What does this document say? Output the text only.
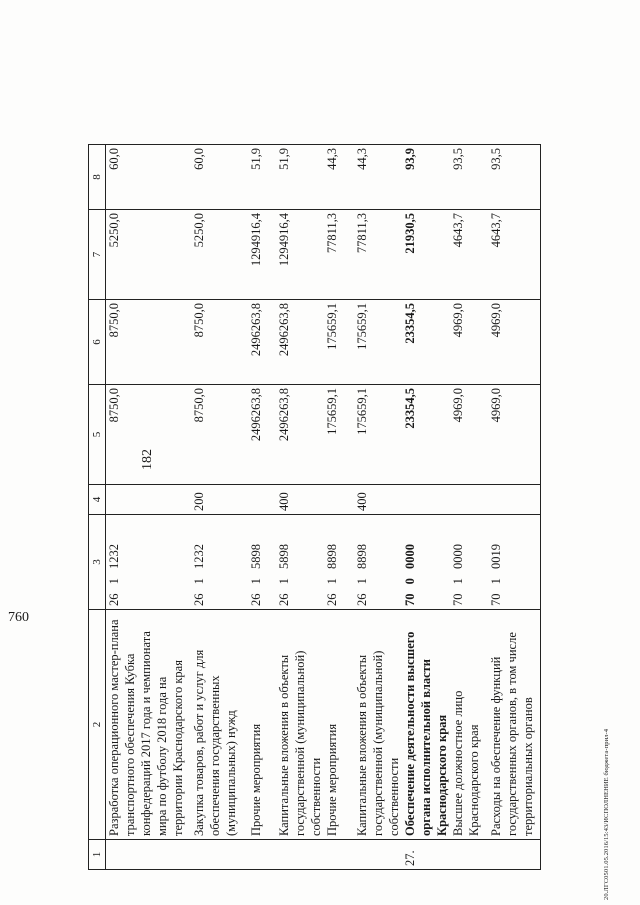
182
1	2	3	4	5	6	7	8
	Разработка операционного мастер-плана транспортного обеспечения Кубка конфедераций 2017 года и чемпионата мира по футболу 2018 года на территории Краснодарского края	26 1 1232		8750,0	8750,0	5250,0	60,0
	Закупка товаров, работ и услуг для обеспечения государственных (муниципальных) нужд	26 1 1232	200	8750,0	8750,0	5250,0	60,0
	Прочие мероприятия	26 1 5898		2496263,8	2496263,8	1294916,4	51,9
	Капитальные вложения в объекты государственной (муниципальной) собственности	26 1 5898	400	2496263,8	2496263,8	1294916,4	51,9
	Прочие мероприятия	26 1 8898		175659,1	175659,1	77811,3	44,3
	Капитальные вложения в объекты государственной (муниципальной) собственности	26 1 8898	400	175659,1	175659,1	77811,3	44,3
27.	Обеспечение деятельности высшего органа исполнительной власти Краснодарского края	70 0 0000		23354,5	23354,5	21930,5	93,9
	Высшее должностное лицо Краснодарского края	70 1 0000		4969,0	4969,0	4643,7	93,5
	Расходы на обеспечение функций государственных органов, в том числе территориальных органов	70 1 0019		4969,0	4969,0	4643,7	93,5
20.ЛГС0501.05.2016/15:43/ИСПОЛНЕНИЕ бюджета-прил-4
760
